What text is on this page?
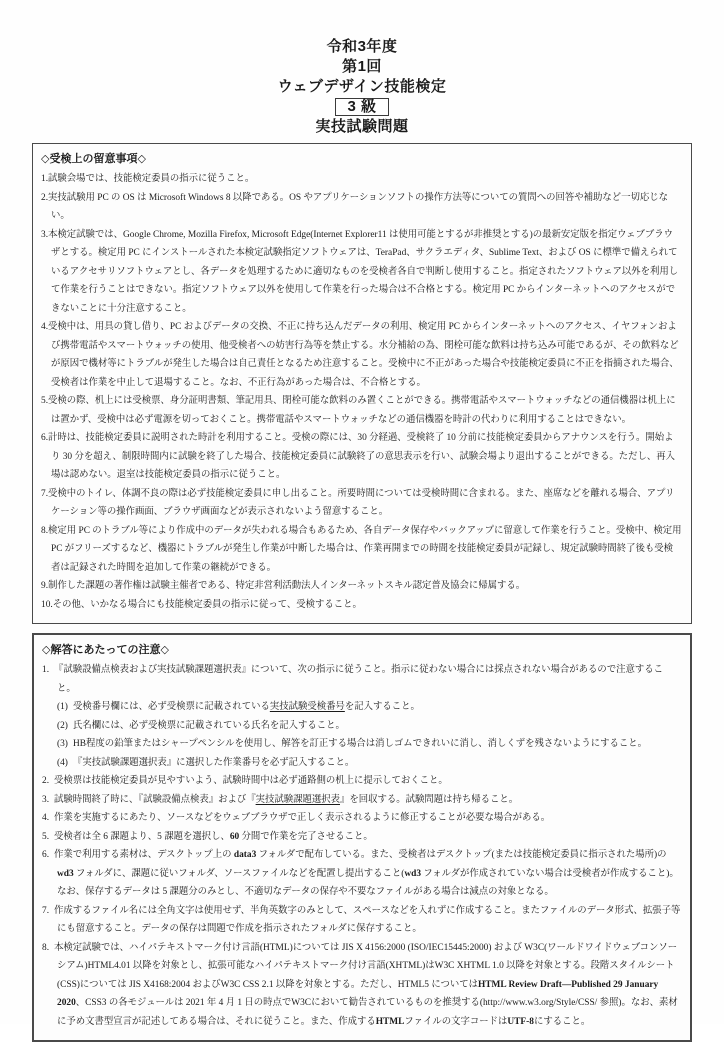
令和3年度
第1回
ウェブデザイン技能検定
3 級
実技試験問題
◇受検上の留意事項◇
1.試験会場では、技能検定委員の指示に従うこと。
2.実技試験用 PC の OS は Microsoft Windows 8 以降である。OS やアプリケーションソフトの操作方法等についての質問への回答や補助など一切応じない。
3.本検定試験では、Google Chrome, Mozilla Firefox, Microsoft Edge(Internet Explorer11 は使用可能とするが非推奨とする)の最新安定版を指定ウェブブラウザとする。検定用 PC にインストールされた本検定試験指定ソフトウェアは、TeraPad、サクラエディタ、Sublime Text、および OS に標準で備えられているアクセサリソフトウェアとし、各データを処理するために適切なものを受検者各自で判断し使用すること。指定されたソフトウェア以外を利用して作業を行うことはできない。指定ソフトウェア以外を使用して作業を行った場合は不合格とする。検定用 PC からインターネットへのアクセスができないことに十分注意すること。
4.受検中は、用具の貸し借り、PC およびデータの交換、不正に持ち込んだデータの利用、検定用 PC からインターネットへのアクセス、イヤフォンおよび携帯電話やスマートウォッチの使用、他受検者への妨害行為等を禁止する。水分補給の為、閉栓可能な飲料は持ち込み可能であるが、その飲料などが原因で機材等にトラブルが発生した場合は自己責任となるため注意すること。受検中に不正があった場合や技能検定委員に不正を指摘された場合、受検者は作業を中止して退場すること。なお、不正行為があった場合は、不合格とする。
5.受検の際、机上には受検票、身分証明書類、筆記用具、閉栓可能な飲料のみ置くことができる。携帯電話やスマートウォッチなどの通信機器は机上には置かず、受検中は必ず電源を切っておくこと。携帯電話やスマートウォッチなどの通信機器を時計の代わりに利用することはできない。
6.計時は、技能検定委員に説明された時計を利用すること。受検の際には、30 分経過、受検終了 10 分前に技能検定委員からアナウンスを行う。開始より 30 分を超え、制限時間内に試験を終了した場合、技能検定委員に試験終了の意思表示を行い、試験会場より退出することができる。ただし、再入場は認めない。退室は技能検定委員の指示に従うこと。
7.受検中のトイレ、体調不良の際は必ず技能検定委員に申し出ること。所要時間については受検時間に含まれる。また、座席などを離れる場合、アプリケーション等の操作画面、ブラウザ画面などが表示されないよう留意すること。
8.検定用 PC のトラブル等により作成中のデータが失われる場合もあるため、各自データ保存やバックアップに留意して作業を行うこと。受検中、検定用 PC がフリーズするなど、機器にトラブルが発生し作業が中断した場合は、作業再開までの時間を技能検定委員が記録し、規定試験時間終了後も受検者は記録された時間を追加して作業の継続ができる。
9.制作した課題の著作権は試験主催者である、特定非営利活動法人インターネットスキル認定普及協会に帰属する。
10.その他、いかなる場合にも技能検定委員の指示に従って、受検すること。
◇解答にあたっての注意◇
1. 『試験設備点検表および実技試験課題選択表』について、次の指示に従うこと。指示に従わない場合には採点されない場合があるので注意すること。
(1) 受検番号欄には、必ず受検票に記載されている実技試験受検番号を記入すること。
(2) 氏名欄には、必ず受検票に記載されている氏名を記入すること。
(3) HB程度の鉛筆またはシャープペンシルを使用し、解答を訂正する場合は消しゴムできれいに消し、消しくずを残さないようにすること。
(4) 『実技試験課題選択表』に選択した作業番号を必ず記入すること。
2. 受検票は技能検定委員が見やすいよう、試験時間中は必ず通路側の机上に提示しておくこと。
3. 試験時間終了時に、『試験設備点検表』および『実技試験課題選択表』を回収する。試験問題は持ち帰ること。
4. 作業を実施するにあたり、ソースなどをウェブブラウザで正しく表示されるように修正することが必要な場合がある。
5. 受検者は全 6 課題より、5 課題を選択し、60 分間で作業を完了させること。
6. 作業で利用する素材は、デスクトップ上の data3 フォルダで配布している。また、受検者はデスクトップ(または技能検定委員に指示された場所)の wd3 フォルダに、課題に従いフォルダ、ソースファイルなどを配置し提出すること(wd3 フォルダが作成されていない場合は受検者が作成すること)。なお、保存するデータは 5 課題分のみとし、不適切なデータの保存や不要なファイルがある場合は減点の対象となる。
7. 作成するファイル名には全角文字は使用せず、半角英数字のみとして、スペースなどを入れずに作成すること。またファイルのデータ形式、拡張子等にも留意すること。データの保存は問題で作成を指示されたフォルダに保存すること。
8. 本検定試験では、ハイパテキストマーク付け言語(HTML)については JIS X 4156:2000 (ISO/IEC15445:2000) および W3C(ワールドワイドウェブコンソーシアム)HTML4.01 以降を対象とし、拡張可能なハイパテキストマーク付け言語(XHTML)はW3C XHTML 1.0 以降を対象とする。段階スタイルシート(CSS)については JIS X4168:2004 およびW3C CSS 2.1 以降を対象とする。ただし、HTML5 についてはHTML Review Draft—Published 29 January 2020、CSS3 の各モジュールは 2021 年 4 月 1 日の時点でW3Cにおいて勧告されているものを推奨する(http://www.w3.org/Style/CSS/ 参照)。なお、素材に予め文書型宣言が記述してある場合は、それに従うこと。また、作成するHTMLファイルの文字コードはUTF-8にすること。
